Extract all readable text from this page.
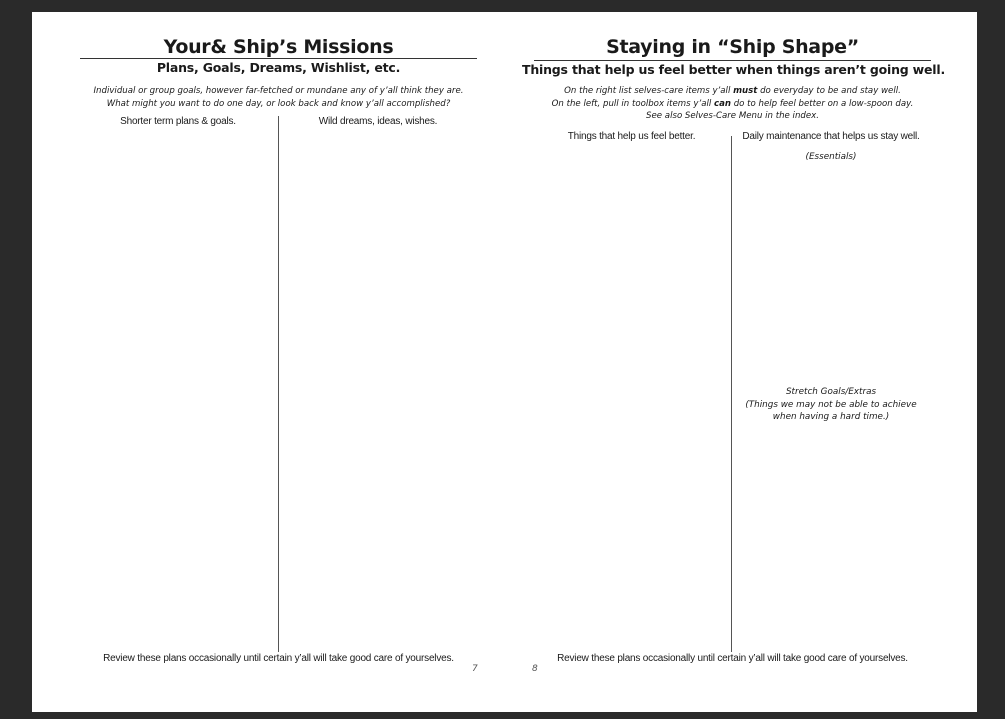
Your& Ship’s Missions
Plans, Goals, Dreams, Wishlist, etc.
Individual or group goals, however far-fetched or mundane any of y’all think they are.
What might you want to do one day, or look back and know y’all accomplished?
Shorter term plans & goals.	Wild dreams, ideas, wishes.
Review these plans occasionally until certain y’all will take good care of yourselves.
7
Staying in “Ship Shape”
Things that help us feel better when things aren’t going well.
On the right list selves-care items y’all must do everyday to be and stay well.
On the left, pull in toolbox items y’all can do to help feel better on a low-spoon day.
See also Selves-Care Menu in the index.
Things that help us feel better.	Daily maintenance that helps us stay well.
(Essentials)
Stretch Goals/Extras
(Things we may not be able to achieve
when having a hard time.)
Review these plans occasionally until certain y’all will take good care of yourselves.
8
